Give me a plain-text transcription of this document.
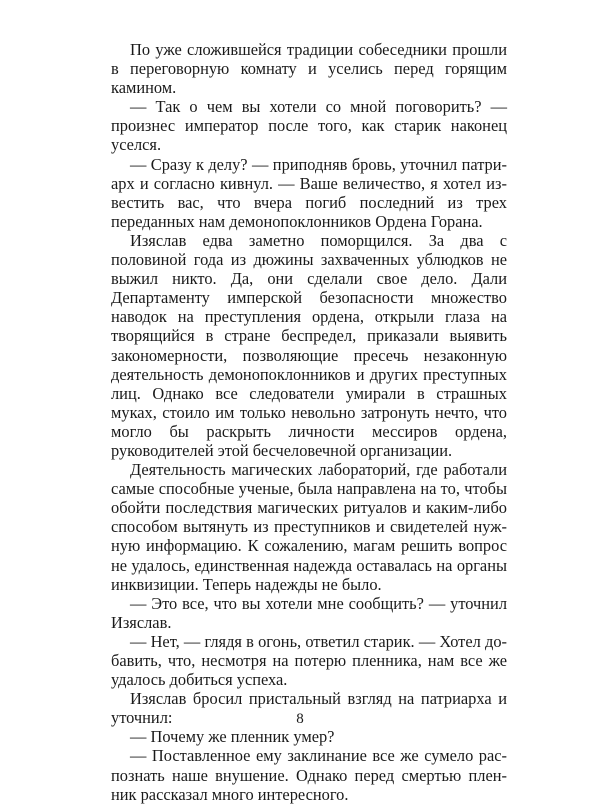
По уже сложившейся традиции собеседники прошли в переговорную комнату и уселись перед горящим камином.

— Так о чем вы хотели со мной поговорить? — произнес император после того, как старик наконец уселся.

— Сразу к делу? — приподняв бровь, уточнил патриарх и согласно кивнул. — Ваше величество, я хотел известить вас, что вчера погиб последний из трех переданных нам демонопоклонников Ордена Горана.

Изяслав едва заметно поморщился. За два с половиной года из дюжины захваченных ублюдков не выжил никто. Да, они сделали свое дело. Дали Департаменту имперской безопасности множество наводок на преступления ордена, открыли глаза на творящийся в стране беспредел, приказали выявить закономерности, позволяющие пресечь незаконную деятельность демонопоклонников и других преступных лиц. Однако все следователи умирали в страшных муках, стоило им только невольно затронуть нечто, что могло бы раскрыть личности мессиров ордена, руководителей этой бесчеловечной организации.

Деятельность магических лабораторий, где работали самые способные ученые, была направлена на то, чтобы обойти последствия магических ритуалов и каким-либо способом вытянуть из преступников и свидетелей нужную информацию. К сожалению, магам решить вопрос не удалось, единственная надежда оставалась на органы инквизиции. Теперь надежды не было.

— Это все, что вы хотели мне сообщить? — уточнил Изяслав.

— Нет, — глядя в огонь, ответил старик. — Хотел добавить, что, несмотря на потерю пленника, нам все же удалось добиться успеха.

Изяслав бросил пристальный взгляд на патриарха и уточнил:

— Почему же пленник умер?

— Поставленное ему заклинание все же сумело распознать наше внушение. Однако перед смертью пленник рассказал много интересного.

8
